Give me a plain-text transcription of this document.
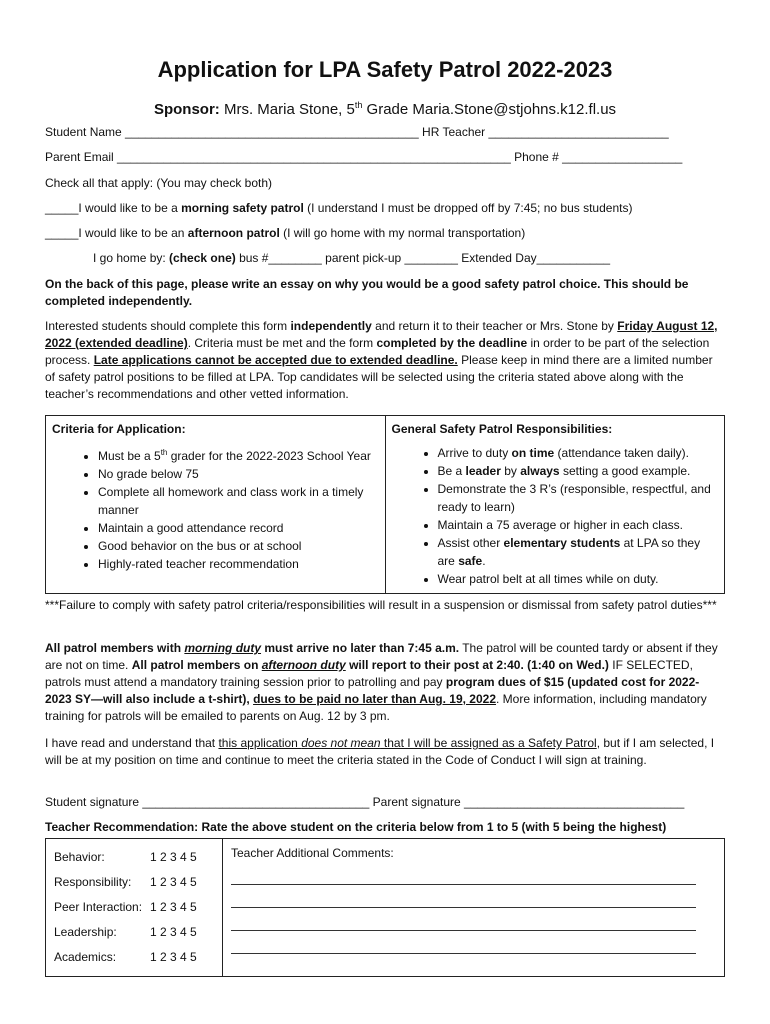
Application for LPA Safety Patrol 2022-2023
Sponsor: Mrs. Maria Stone, 5th Grade Maria.Stone@stjohns.k12.fl.us
Student Name ____________________________________________ HR Teacher ___________________________
Parent Email ___________________________________________________________ Phone # __________________
Check all that apply: (You may check both)
_____I would like to be a morning safety patrol (I understand I must be dropped off by 7:45; no bus students)
_____I would like to be an afternoon patrol (I will go home with my normal transportation)
I go home by: (check one) bus #________ parent pick-up ________ Extended Day___________
On the back of this page, please write an essay on why you would be a good safety patrol choice. This should be completed independently.
Interested students should complete this form independently and return it to their teacher or Mrs. Stone by Friday August 12, 2022 (extended deadline). Criteria must be met and the form completed by the deadline in order to be part of the selection process. Late applications cannot be accepted due to extended deadline. Please keep in mind there are a limited number of safety patrol positions to be filled at LPA. Top candidates will be selected using the criteria stated above along with the teacher’s recommendations and other vetted information.
Criteria for Application:
• Must be a 5th grader for the 2022-2023 School Year
• No grade below 75
• Complete all homework and class work in a timely manner
• Maintain a good attendance record
• Good behavior on the bus or at school
• Highly-rated teacher recommendation

General Safety Patrol Responsibilities:
• Arrive to duty on time (attendance taken daily).
• Be a leader by always setting a good example.
• Demonstrate the 3 R’s (responsible, respectful, and ready to learn)
• Maintain a 75 average or higher in each class.
• Assist other elementary students at LPA so they are safe.
• Wear patrol belt at all times while on duty.
***Failure to comply with safety patrol criteria/responsibilities will result in a suspension or dismissal from safety patrol duties***
All patrol members with morning duty must arrive no later than 7:45 a.m. The patrol will be counted tardy or absent if they are not on time. All patrol members on afternoon duty will report to their post at 2:40. (1:40 on Wed.) IF SELECTED, patrols must attend a mandatory training session prior to patrolling and pay program dues of $15 (updated cost for 2022-2023 SY—will also include a t-shirt), dues to be paid no later than Aug. 19, 2022. More information, including mandatory training for patrols will be emailed to parents on Aug. 12 by 3 pm.
I have read and understand that this application does not mean that I will be assigned as a Safety Patrol, but if I am selected, I will be at my position on time and continue to meet the criteria stated in the Code of Conduct I will sign at training.
Student signature __________________________________ Parent signature _________________________________
Teacher Recommendation: Rate the above student on the criteria below from 1 to 5 (with 5 being the highest)
Behavior:	1 2 3 4 5
Responsibility: 1 2 3 4 5
Peer Interaction: 1 2 3 4 5
Leadership:	1 2 3 4 5
Academics:	1 2 3 4 5

Teacher Additional Comments:
